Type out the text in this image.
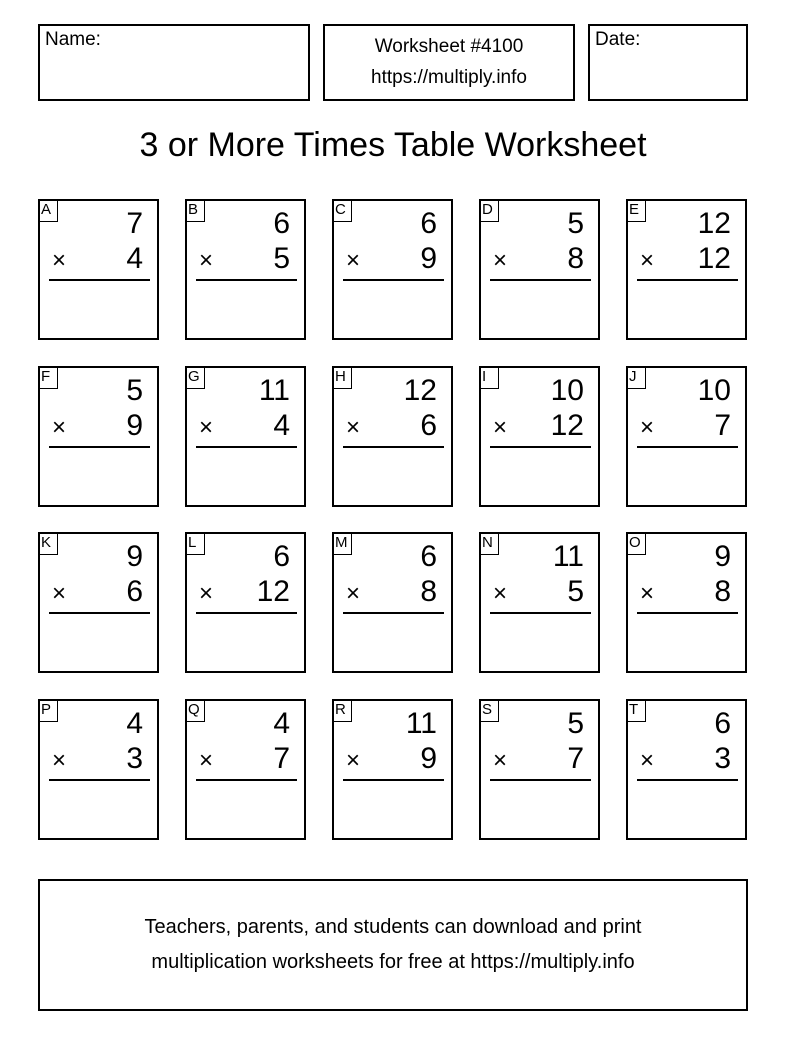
Name:	Worksheet #4100
https://multiply.info
Date:
3 or More Times Table Worksheet
A	7
× 4
B	6
× 5
C 6
× 9
D 5
× 8
E 12
× 12
F	5
× 9
G 11
× 4
H 12
× 6
I	10
× 12
J	10
× 7
K	9
× 6
L	6
× 12
M 6
× 8
N 11
× 5
O 9
× 8
P	4
× 3
Q 4
× 7
R 11
× 9
S	5
× 7
T	6
× 3
Teachers, parents, and students can download and print
multiplication worksheets for free at https://multiply.info
